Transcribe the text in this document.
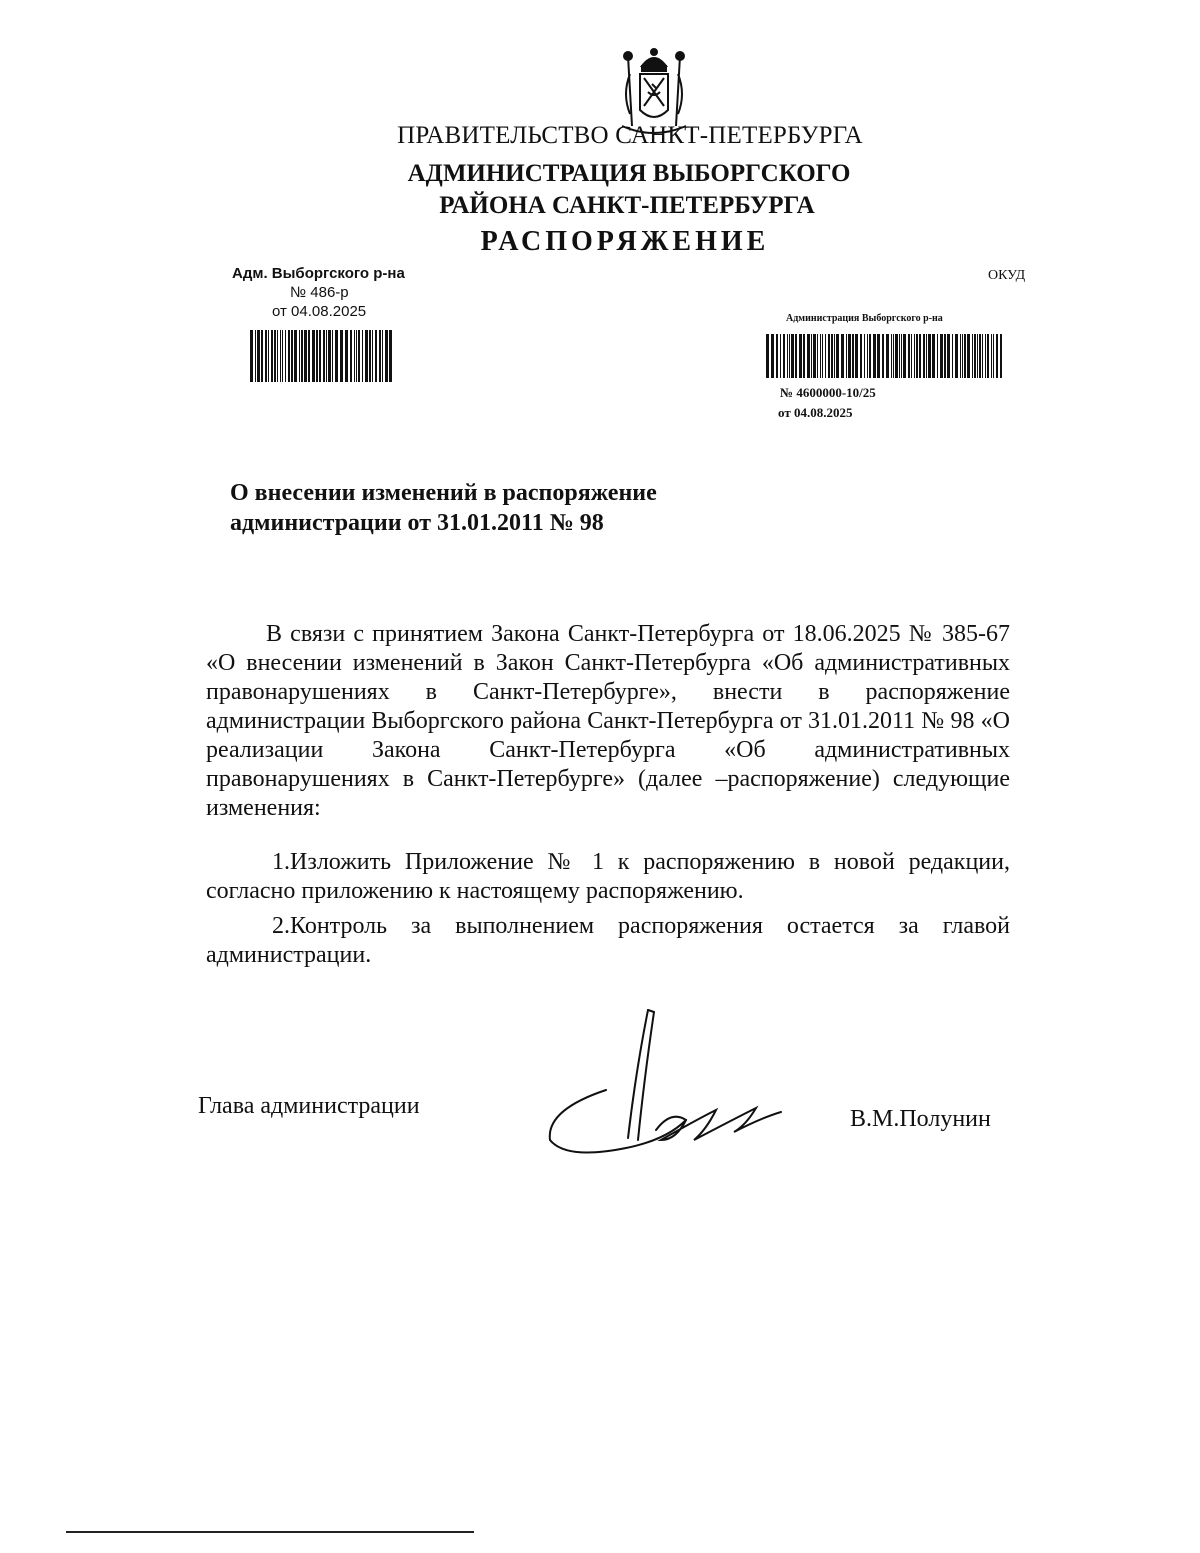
ПРАВИТЕЛЬСТВО САНКТ-ПЕТЕРБУРГА
АДМИНИСТРАЦИЯ ВЫБОРГСКОГО
РАЙОНА САНКТ-ПЕТЕРБУРГА
РАСПОРЯЖЕНИЕ
Адм. Выборгского р-на
№ 486-р
от 04.08.2025
ОКУД
Администрация Выборгского р-на
№ 4600000-10/25
от 04.08.2025
О внесении изменений в распоряжение
администрации от 31.01.2011 № 98
В связи с принятием Закона Санкт-Петербурга от 18.06.2025 № 385-67 «О внесении изменений в Закон Санкт-Петербурга «Об административных правонарушениях в Санкт-Петербурге», внести в распоряжение администрации Выборгского района Санкт-Петербурга от 31.01.2011 № 98 «О реализации Закона Санкт-Петербурга «Об административных правонарушениях в Санкт-Петербурге» (далее –распоряжение) следующие изменения:
1.Изложить Приложение № 1 к распоряжению в новой редакции, согласно приложению к настоящему распоряжению.
2.Контроль за выполнением распоряжения остается за главой администрации.
Глава администрации	В.М.Полунин
